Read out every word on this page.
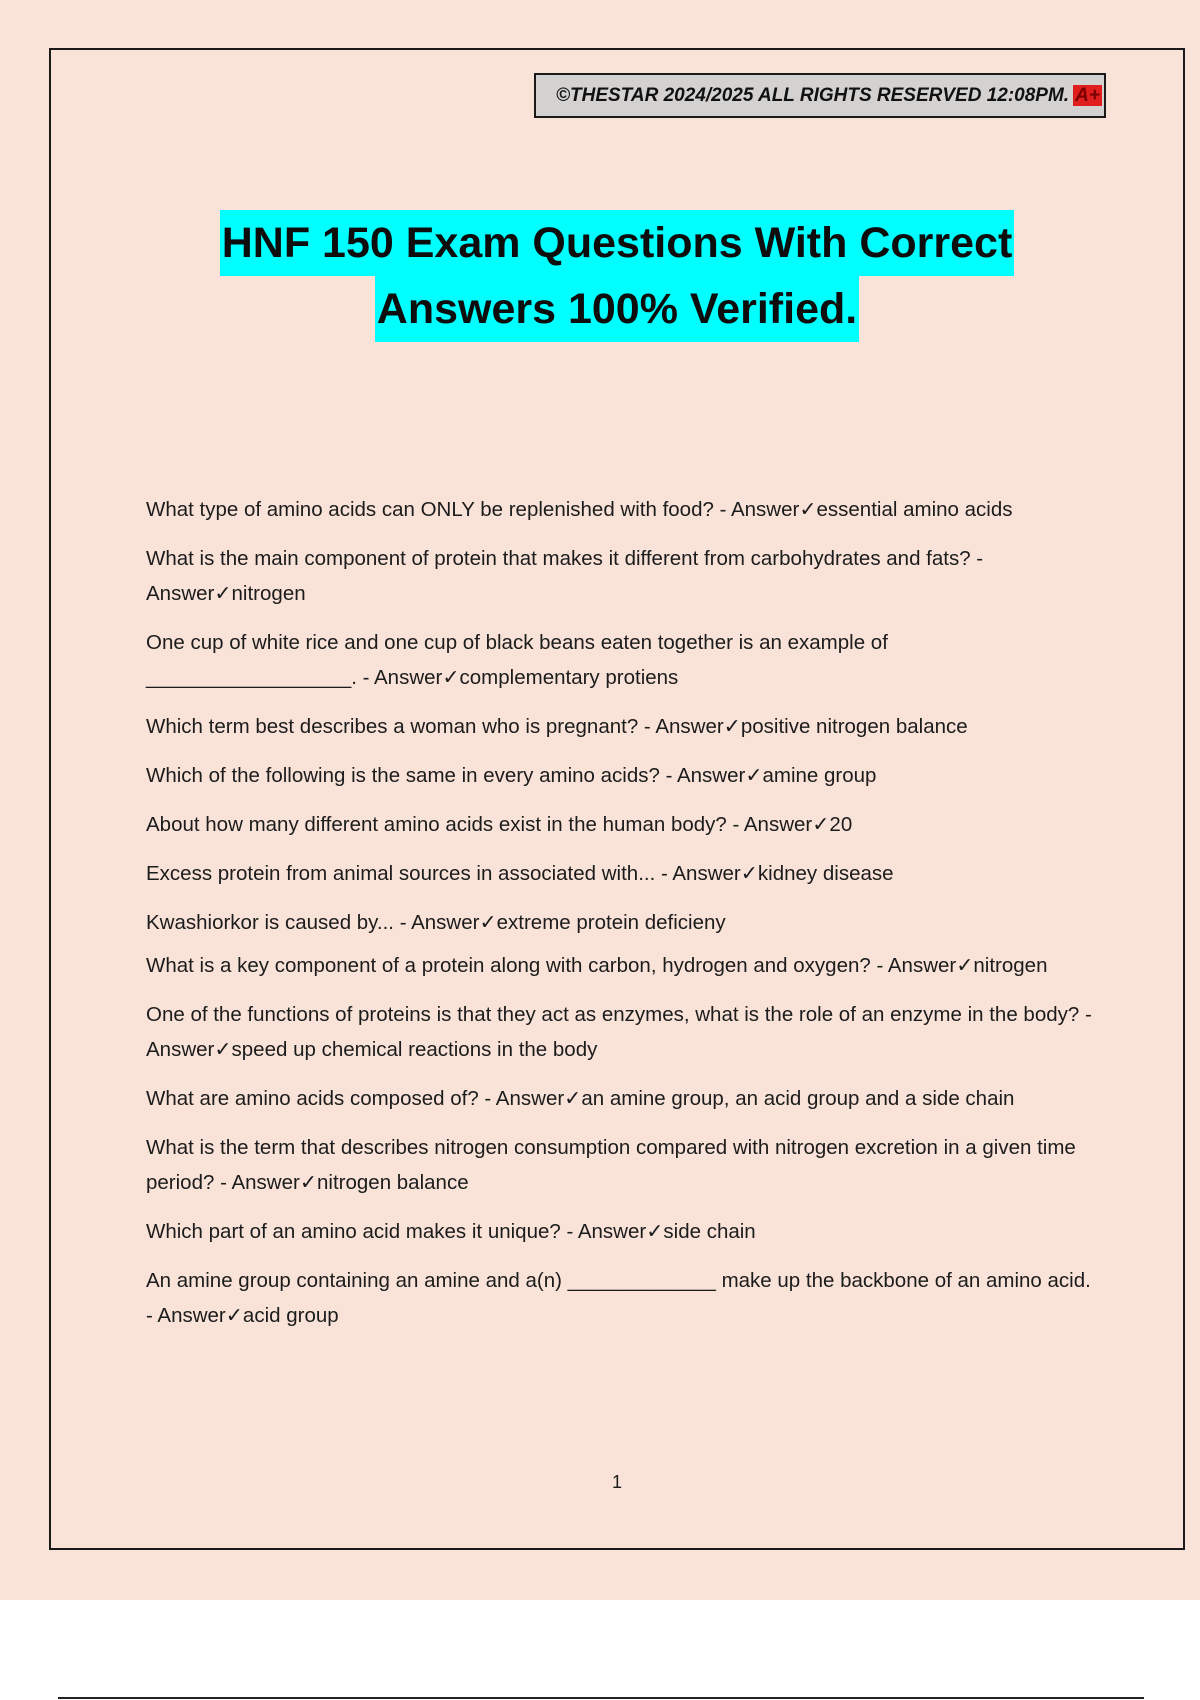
©THESTAR 2024/2025 ALL RIGHTS RESERVED 12:08PM. A+
HNF 150 Exam Questions With Correct
Answers 100% Verified.
What type of amino acids can ONLY be replenished with food? - Answer✓essential amino acids
What is the main component of protein that makes it different from carbohydrates and fats? - Answer✓nitrogen
One cup of white rice and one cup of black beans eaten together is an example of __________________. - Answer✓complementary protiens
Which term best describes a woman who is pregnant? - Answer✓positive nitrogen balance
Which of the following is the same in every amino acids? - Answer✓amine group
About how many different amino acids exist in the human body? - Answer✓20
Excess protein from animal sources in associated with... - Answer✓kidney disease
Kwashiorkor is caused by... - Answer✓extreme protein deficieny
What is a key component of a protein along with carbon, hydrogen and oxygen? - Answer✓nitrogen
One of the functions of proteins is that they act as enzymes, what is the role of an enzyme in the body? - Answer✓speed up chemical reactions in the body
What are amino acids composed of? - Answer✓an amine group, an acid group and a side chain
What is the term that describes nitrogen consumption compared with nitrogen excretion in a given time period? - Answer✓nitrogen balance
Which part of an amino acid makes it unique? - Answer✓side chain
An amine group containing an amine and a(n) _____________ make up the backbone of an amino acid. - Answer✓acid group
1
